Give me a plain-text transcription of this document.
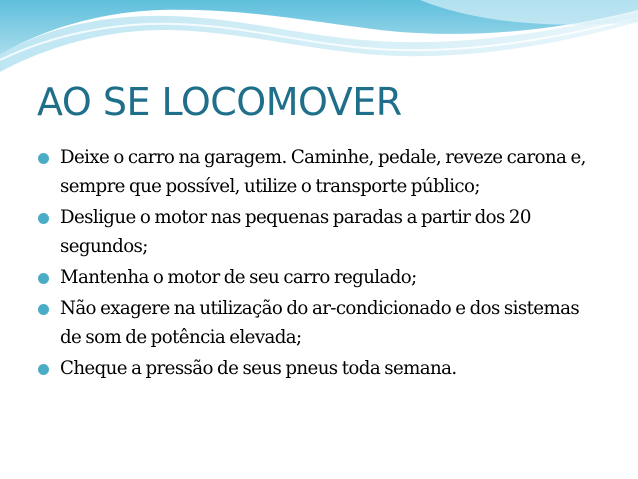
AO SE LOCOMOVER
Deixe o carro na garagem. Caminhe, pedale, reveze carona e, sempre que possível, utilize o transporte público;
Desligue o motor nas pequenas paradas a partir dos 20 segundos;
Mantenha o motor de seu carro regulado;
Não exagere na utilização do ar-condicionado e dos sistemas de som de potência elevada;
Cheque a pressão de seus pneus toda semana.
